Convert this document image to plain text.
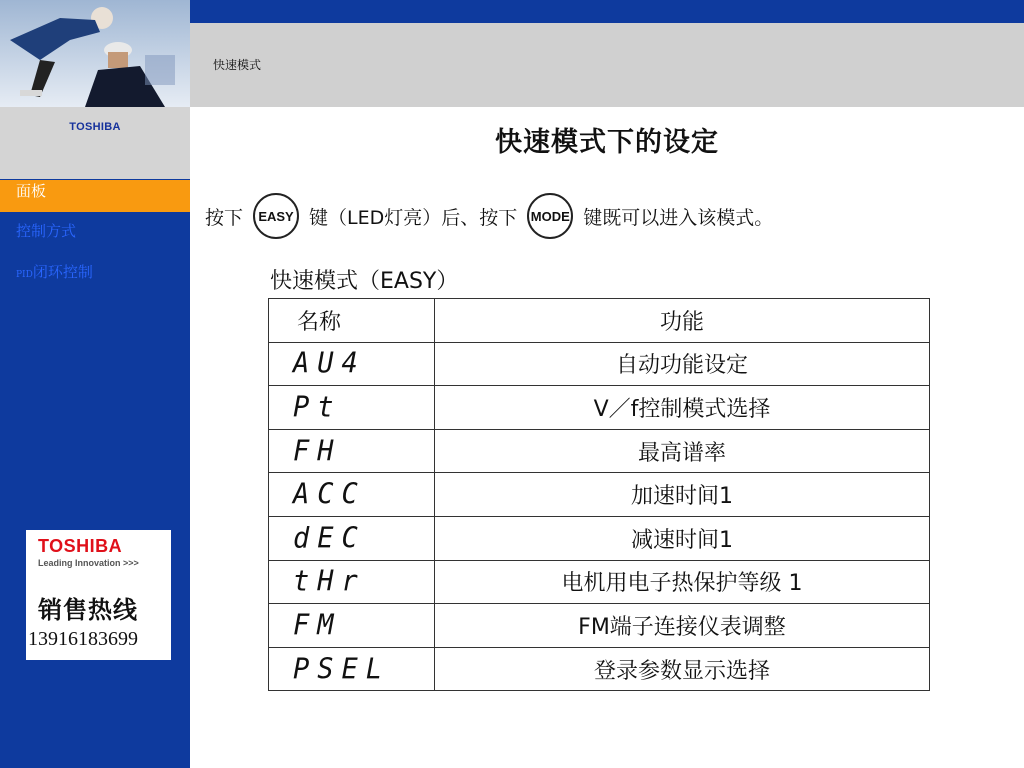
TOSHIBA
面板
控制方式
PID闭环控制
TOSHIBA
Leading Innovation >>>
销售热线
13916183699
快速模式
快速模式下的设定
按下	EASY 键（LED灯亮）后、按下 MODE 键既可以进入该模式。
快速模式（EASY）
名称	功能
AU4	自动功能设定
Pt	V／f控制模式选择
FH	最高谱率
ACC	加速时间1
dEC	减速时间1
tHr	电机用电子热保护等级 1
FM	FM端子连接仪表调整
PSEL	登录参数显示选择
